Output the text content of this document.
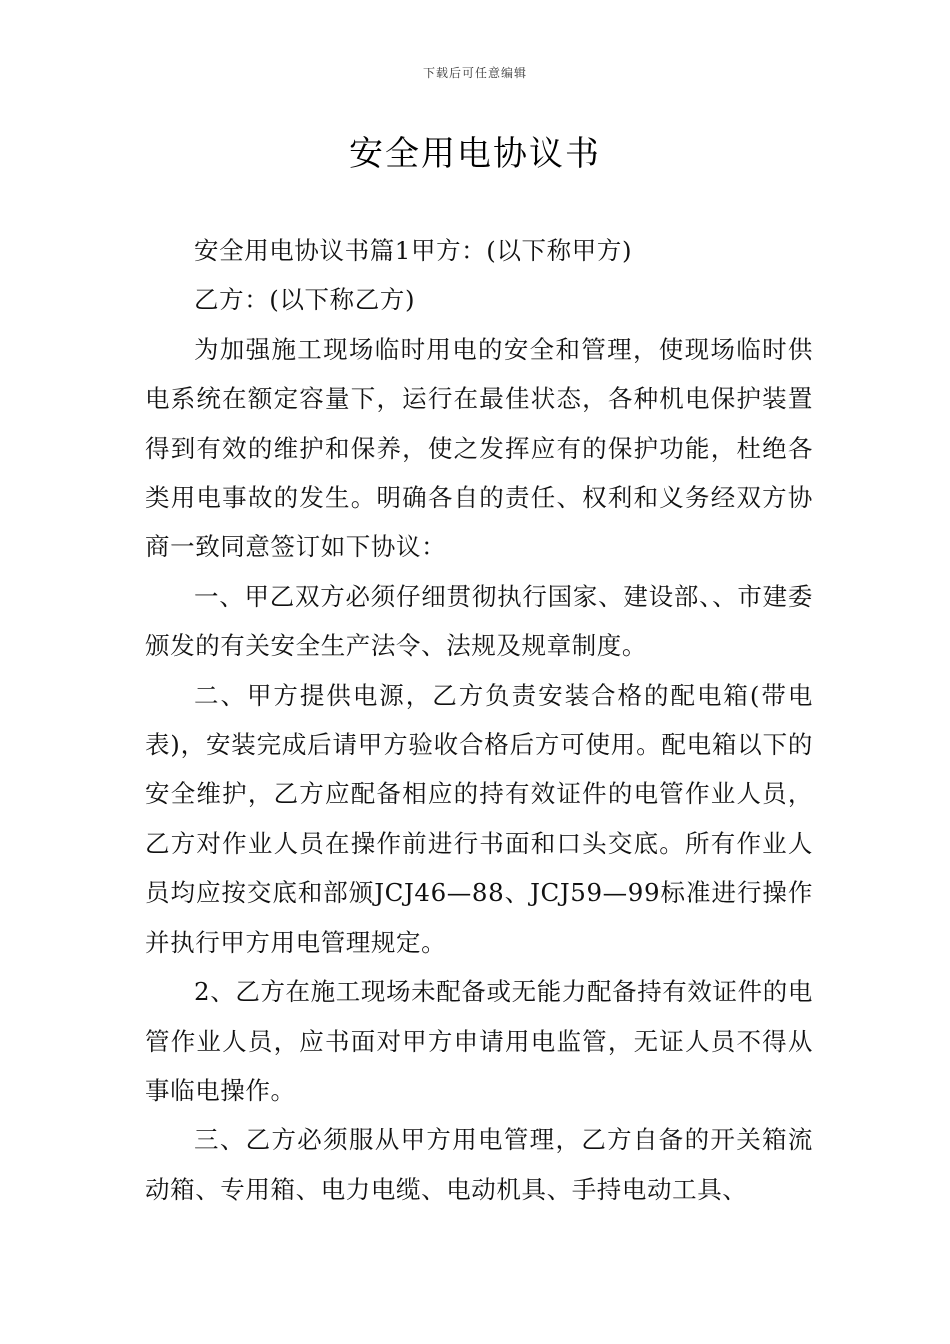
下载后可任意编辑
安全用电协议书

安全用电协议书篇1甲方：(以下称甲方)

乙方：(以下称乙方)

为加强施工现场临时用电的安全和管理，使现场临时供电系统在额定容量下，运行在最佳状态，各种机电保护装置得到有效的维护和保养，使之发挥应有的保护功能，杜绝各类用电事故的发生。明确各自的责任、权利和义务经双方协商一致同意签订如下协议：

一、甲乙双方必须仔细贯彻执行国家、建设部、、市建委颁发的有关安全生产法令、法规及规章制度。

二、甲方提供电源，乙方负责安装合格的配电箱(带电表)，安装完成后请甲方验收合格后方可使用。配电箱以下的安全维护，乙方应配备相应的持有效证件的电管作业人员，乙方对作业人员在操作前进行书面和口头交底。所有作业人员均应按交底和部颁JCJ46—88、JCJ59—99标准进行操作并执行甲方用电管理规定。

2、乙方在施工现场未配备或无能力配备持有效证件的电管作业人员，应书面对甲方申请用电监管，无证人员不得从事临电操作。

三、乙方必须服从甲方用电管理，乙方自备的开关箱流动箱、专用箱、电力电缆、电动机具、手持电动工具、
